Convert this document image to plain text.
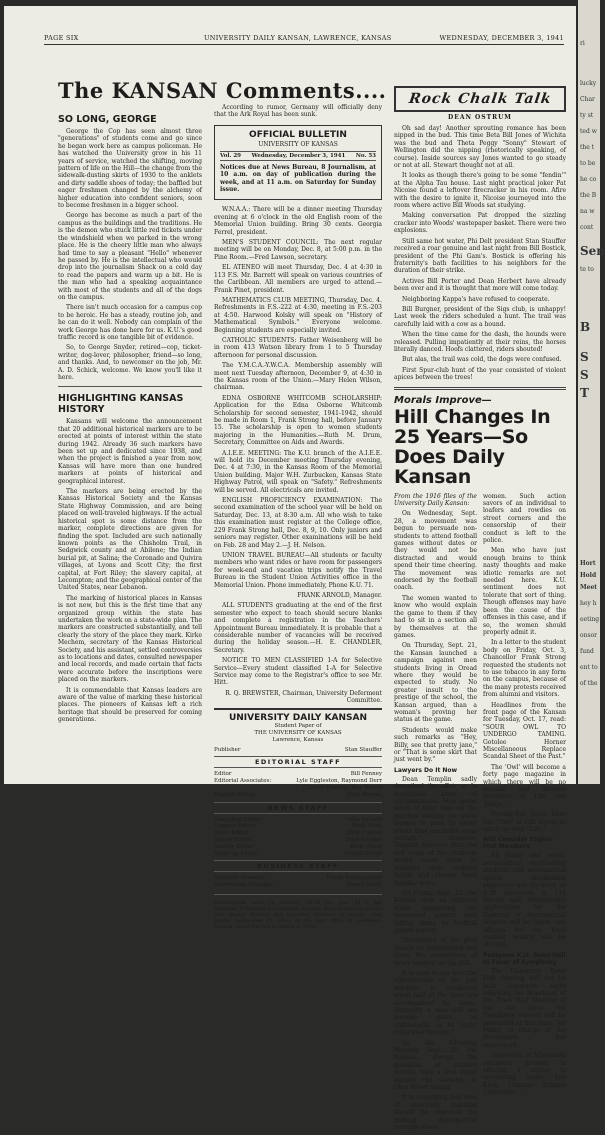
PAGE SIX	UNIVERSITY DAILY KANSAN, LAWRENCE, KANSAS	WEDNESDAY, DECEMBER 3, 1941
The KANSAN Comments....
SO LONG, GEORGE

George the Cop has seen almost three "generations" of students come and go since he began work here as campus policeman. He has watched the University grow in his 11 years of service, watched the shifting, moving pattern of life on the Hill—the change from the sidewalk-dusting skirts of 1930 to the anklets and dirty saddle shoes of today; the baffled but eager freshmen changed by the alchemy of higher education into confident seniors, soon to become freshmen in a bigger school.

George has become as much a part of the campus as the buildings and the traditions. He is the demon who stuck little red tickets under the windshield when we parked in the wrong place. He is the cheery little man who always had time to say a pleasant "Hello" whenever he passed by. He is the intellectual who would drop into the journalism Shack on a cold day to read the papers and warm up a bit. He is the man who had a speaking acquaintance with most of the students and all of the dogs on the campus.

There isn't much occasion for a campus cop to be heroic. He has a steady, routine job, and he can do it well. Nobody can complain of the work George has done here for us. K.U.'s good traffic record is one tangible bit of evidence.

So, to George Snyder, retired—cop, ticket-writer, dog-lover, philosopher, friend—so long, and thanks. And, to newcomer on the job, Mr. A. D. Schick, welcome. We know you'll like it here.

HIGHLIGHTING KANSAS HISTORY

Kansans will welcome the announcement that 20 additional historical markers are to be erected at points of interest within the state during 1942. Already 36 such markers have been set up and dedicated since 1938, and when the project is finished a year from now, Kansas will have more than one hundred markers at points of historical and geographical interest.

The markers are being erected by the Kansas Historical Society and the Kansas State Highway Commission, and are being placed on well-traveled highways. If the actual historical spot is some distance from the marker, complete directions are given for finding the spot. Included are such nationally known points as the Chisholm Trail, in Sedgwick county and at Abilene; the Indian burial pit, at Salina; the Coronado and Quivira villages, at Lyons and Scott City; the first capital, at Fort Riley; the slavery capital, at Lecompton; and the geographical center of the United States, near Lebanon.

The marking of historical places in Kansas is not new, but this is the first time that any organized group within the state has undertaken the work on a state-wide plan. The markers are constructed substantially, and tell clearly the story of the place they mark. Kirke Mechem, secretary of the Kansas Historical Society, and his assistant, settled controversies as to locations and dates, consulted newspaper and local records, and made certain that facts were accurate before the inscriptions were placed on the markers.

It is commendable that Kansas leaders are aware of the value of marking these historical places. The pioneers of Kansas left a rich heritage that should be preserved for coming generations.

According to rumor, Germany will officially deny that the Ark Royal has been sunk.

OFFICIAL BULLETIN
UNIVERSITY OF KANSAS
Vol. 29 Wednesday, December 3, 1941 No. 53

Notices due at News Bureau, 8 Journalism, at 10 a.m. on day of publication during the week, and at 11 a.m. on Saturday for Sunday issue.

W.N.A.A.: There will be a dinner meeting Thursday evening at 6 o'clock in the old English room of the Memorial Union building. Bring 30 cents. Georgia Ferrel, president.

MEN'S STUDENT COUNCIL: The next regular meeting will be on Monday, Dec. 8, at 5:00 p.m. in the Pine Room.—Fred Lawson, secretary.

EL ATENEO will meet Thursday, Dec. 4 at 4:30 in 113 F.S. Mr. Barrett will speak on various countries of the Caribbean. All members are urged to attend.—Frank Pinet, president.

MATHEMATICS CLUB MEETING, Thursday, Dec. 4. Refreshments in F.S.-222 at 4:30, meeting in F.S.-203 at 4:50. Harwood Kolsky will speak on "History of Mathematical Symbols." Everyone welcome. Beginning students are especially invited.

CATHOLIC STUDENTS: Father Weisenberg will be in room 413 Watson library from 1 to 5 Thursday afternoon for personal discussion.

The Y.M.C.A.-Y.W.C.A. Membership assembly will meet next Tuesday afternoon, December 9, at 4:30 in the Kansas room of the Union.—Mary Helen Wilson, chairman.

EDNA OSBORNE WHITCOMB SCHOLARSHIP: Application for the Edna Osborne Whitcomb Scholarship for second semester, 1941-1942, should be made in Room 1, Frank Strong hall, before January 15. The scholarship is open to women students majoring in the Humanities.—Ruth M. Drum, Secretary, Committee on Aids and Awards.

A.I.E.E. MEETING: The K.U. branch of the A.I.E.E. will hold its December meeting Thursday evening, Dec. 4 at 7:30, in the Kansas Room of the Memorial Union building. Major W.H. Zurbucken, Kansas State Highway Patrol, will speak on "Safety." Refreshments will be served. All electricals are invited.

ENGLISH PROFICIENCY EXAMINATION: The second examination of the school year will be held on Saturday, Dec. 13, at 8:30 a.m. All who wish to take this examination must register at the College office, 229 Frank Strong hall, Dec. 8, 9, 10. Only juniors and seniors may register. Other examinations will be held on Feb. 28 and May 2.—J. H. Nelson.

UNION TRAVEL BUREAU—All students or faculty members who want rides or have room for passengers for week-end and vacation trips notify the Travel Bureau in the Student Union Activities office in the Memorial Union. Phone immediately, Phone K.U. 71.

FRANK ARNOLD, Manager.

ALL STUDENTS graduating at the end of the first semester who expect to teach should secure blanks and complete a registration in the Teachers' Appointment Bureau immediately. It is probable that a considerable number of vacancies will be received during the holiday season.—H. E. CHANDLER, Secretary.

NOTICE TO MEN CLASSIFIED 1-A for Selective Service—Every student classified 1-A for Selective Service may come to the Registrar's office to see Mr. Hitt.

R. Q. BREWSTER, Chairman, University Deferment Committee.

UNIVERSITY DAILY KANSAN
Student Paper of
THE UNIVERSITY OF KANSAS
Lawrence, Kansas
Publisher	Stan Stauffer
EDITORIAL STAFF
Editor	Bill Fenney
Editorial Associates:	Lyle Eggleston, Raymond Derr
Charles Pearson, Kay Bunch
Feature Editor	John Harvey
NEWS STAFF
Managing Editor	Milo Farneti
Campus Editor	Heidi Viets
News Editor	John Conrad
Sports Editor	Clint Kanaga
Society Editor	Betty Abels
Make-up Editor	Gerald Tewell
BUSINESS STAFF
Business Manager	Frank Baumgartner
Advertising Manager	James Yardy

Subscription rates, in advance, $3.00 per year, $1.75 per semester. Published at Lawrence, Kansas, daily during the school year except Monday and Saturday. Entered as second class matter September 17, 1910, at the post office at Lawrence, Kansas, under the Act of March 3, 1879.

Rock Chalk Talk
DEAN OSTRUM

Oh sad day! Another sprouting romance has been nipped in the bud. This time Beta Bill Jones of Wichita was the bud and Theta Peggy "Sonny" Stewart of Wellington did the nipping (rhetorically speaking, of course). Inside sources say Jones wanted to go steady or not at all. Stewart thought not at all.

It looks as though there's going to be some "fendin'" at the Alpha Tau house. Last night practical joker Pat Nicoise found a leftover firecracker in his room. Afire with the desire to ignite it, Nicoise journeyed into the room where active Bill Woods sat studying.

Making conversation Pat dropped the sizzling cracker into Woods' wastepaper basket. There were two explosions.

Still same hot water, Phi Delt president Stan Stauffer received a roar genuine and last night from Bill Bostick, president of the Phi Gam's. Bostick is offering his fraternity's bath facilities to his neighbors for the duration of their strike.

Actives Bill Porter and Dean Herbert have already been over and it is thought that more will come today.

Neighboring Kappa's have refused to cooperate.

Bill Burgner, president of the Sigs club, is unhappy! Last week the riders scheduled a hunt. The trail was carefully laid with a cow as a hound.

When the time came for the dash, the hounds were released. Pulling impatiently at their reins, the horses literally danced. Hoofs clattered, riders shouted!

But alas, the trail was cold, the dogs were confused.

First Spur-club hunt of the year consisted of violent apices between the trees!

Morals Improve—
Hill Changes In 25 Years—So Does Daily Kansan

From the 1916 files of the University Daily Kansan:

On Wednesday, Sept. 28, a movement was begun to persuade non-students to attend football games without dates or they would not be distracted and would spend their time cheering. The movement was endorsed by the football coach.

The women wanted to know who would explain the game to them if they had to sit in a section all by themselves at the games.

On Thursday, Sept. 21, the Kansan launched a campaign against men students living in Oread where they would be expected to study. No greater insult to the prestige of the school, the Kansan argued, than a woman's proving her status at the game.

Students would make such remarks as "Hey, Billy, see that pretty jane," or "That is some skirt that just went by."

Lawyers Do It Now

Dean Templin sadly described the affair as "a deplorable state of circumstances. Men spend much of their time on the porches waiting for some women to pass by about whom they can make some remark." However, Templin believed that the self pride of the students would cause them to abandon their reckless habits and change their familiar ways.

On Friday, Sept. 22, the Kansan took an editorial stand supporting the movement against men taking dates to football games saying:

"Promoters of the plan should be commended and given the cooperation of every student on the Hill.

It is easy to see how the effectiveness of the pep machine is weakened when half of the men are accompanied by dates. Naturally a man will not become quite as enthusiastic as he might otherwise become."

On the following Monday, Sept. 25, the Kansan, always the guardian of student morals, took a firm stand against the students in Ohio street saying:

It is surprising that men of university standing should be reported for making disrespectful remarks about

women. Such action savors of an individual to loafers and rowdies on street corners and the censorship of their conduct is left to the police.

Men who have just enough brains to think nasty thoughts and make idiotic remarks are not needed here. K.U. sentiment does not tolerate that sort of thing. Though offenses may have been the cause of the offenses in this case, and if so, the women should properly admit it.

In a letter to the student body on Friday, Oct. 3, Chancellor Frank Strong requested the students not to use tobacco in any form on the campus, because of the many protests received from alumni and visitors.

Headlines from the front page of the Kansan for Tuesday, Oct. 17, read: "SOUR OWL TO UNDERGO TAMING. Gotolee Horner Miscellaneous Replace Scandal Sheet of the Past."

The 'Owl' will become a forty page magazine in which there will be no scandal and derisive literature of 'Life' and 'Judge.'

Twenty-five years later the "Owl" is still trying to catch up with "Life."

Will Consider Engine Frat Members

All junior and senior aeronautical engineering students and aeronautical option mechanical engineers are to meet at 4:30 tomorrow in 116 Marvin hall. Membership applications for the Institute of Aeronautical Science will be taken, and officers for the local student branch will be elected.

Postpone K.U. Town Hall In Favor of Symphony

The University Town Hall meeting will not be held tomorrow night following the broadcast of the Town Hall Meeting of the Air since the Symphony concert will be presented at that time, Jay Miller, in charge of the discussions, has announced.

University of Minnesota extension division is offering a course in cartooning under Lee Kiels, Chicago Tribune Cartoonist.

ri
lucky
Char
ty st
ted w
the t
to be
he co
the B
na w
cont
Sen
te to
B
S
S
T
Hort
Hold
Meet
hey h
eeting
onsor
fund
ent to
of the
